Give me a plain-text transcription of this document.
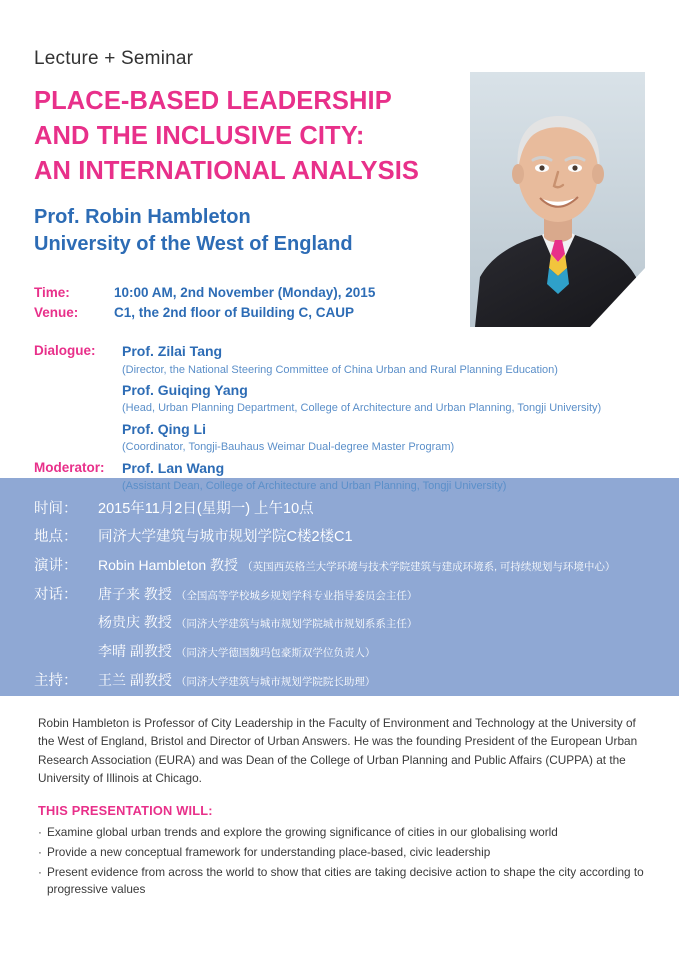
Lecture + Seminar
PLACE-BASED LEADERSHIP
AND THE INCLUSIVE CITY:
AN INTERNATIONAL ANALYSIS
Prof. Robin Hambleton
University of the West of England
Time:	10:00 AM, 2nd November (Monday), 2015
Venue:	C1, the 2nd floor of Building C, CAUP
Dialogue:	Prof. Zilai Tang
(Director, the National Steering Committee of China Urban and Rural Planning Education)
Prof. Guiqing Yang
(Head, Urban Planning Department, College of Architecture and Urban Planning, Tongji University)
Prof. Qing Li
(Coordinator, Tongji-Bauhaus Weimar Dual-degree Master Program)
Moderator:	Prof. Lan Wang
(Assistant Dean, College of Architecture and Urban Planning, Tongji University)
时间：	2015年11月2日(星期一) 上午10点
地点：	同济大学建筑与城市规划学院C楼2楼C1
演讲：	Robin Hambleton 教授 （英国西英格兰大学环境与技术学院建筑与建成环境系, 可持续规划与环境中心）
对话：	唐子来 教授 （全国高等学校城乡规划学科专业指导委员会主任）
杨贵庆 教授 （同济大学建筑与城市规划学院城市规划系系主任）
李晴 副教授 （同济大学德国魏玛包豪斯双学位负责人）
主持：	王兰 副教授 （同济大学建筑与城市规划学院院长助理）
Robin Hambleton is Professor of City Leadership in the Faculty of Environment and Technology at the University of the West of England, Bristol and Director of Urban Answers. He was the founding President of the European Urban Research Association (EURA) and was Dean of the College of Urban Planning and Public Affairs (CUPPA) at the University of Illinois at Chicago.
THIS PRESENTATION WILL:
· Examine global urban trends and explore the growing significance of cities in our globalising world
· Provide a new conceptual framework for understanding place-based, civic leadership
· Present evidence from across the world to show that cities are taking decisive action to shape the city according to progressive values
